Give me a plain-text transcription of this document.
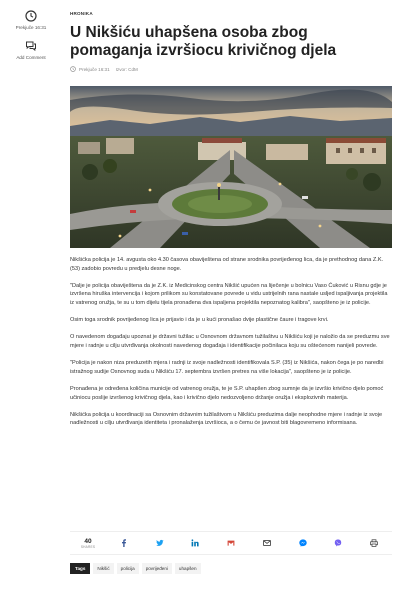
Prekjuče 16:31
Add Comment
HRONIKA
U Nikšiću uhapšena osoba zbog pomaganja izvršiocu krivičnog djela
Prekjuče 16:31 Izvor: CdM

Nikšićka policija je 14. avgusta oko 4.30 časova obaviještena od strane srodnika povrijeđenog lica, da je prethodnog dana Z.K. (53) zadobio povredu u predjelu desne noge.

"Dalje je policija obaviještena da je Z.K. iz Medicinskog centra Nikšić upućen na liječenje u bolnicu Vaso Ćuković u Risnu gdje je izvršena hiruška intervencija i kojom prilikom su konstatovane povrede u vidu ustrijelnih rana nastale usljed ispaljivanja projektila iz vatrenog oružja, te su u tom dijelu tijela pronađena dva ispaljena projektila nepoznatog kalibra", saopšteno je iz policije.

Osim toga srodnik povrijeđenog lica je prijavio i da je u kući pronašao dvije plastične čaure i tragove krvi.

O navedenom događaju upoznat je državni tužilac u Osnovnom državnom tužilaštvu u Nikšiću koji je naložio da se preduzmu sve mjere i radnje u cilju utvrđivanja okolnosti navedenog događaja i identifikacije počinilaca koju su oštećenom nanijeli povrede.

"Policija je nakon niza preduzetih mjera i radnji iz svoje nadležnosti identifikovala S.P. (35) iz Nikšića, nakon čega je po naredbi istražnog sudije Osnovnog suda u Nikšiću 17. septembra izvršen pretres na više lokacija", saopšteno je iz policije.

Pronađena je određena količina municije od vatrenog oružja, te je S.P. uhapšen zbog sumnje da je izvršio krivično djelo pomoć učiniocu poslije izvršenog krivičnog djela, kao i krivično djelo nedozvoljeno držanje oružja i eksplozivnih materija.

Nikšićka policija u koordinaciji sa Osnovnim državnim tužilaštvom u Nikšiću preduzima dalje neophodne mjere i radnje iz svoje nadležnosti u cilju utvrđivanja identiteta i pronalaženja izvršioca, a o čemu će javnost biti blagovremeno informisana.

40
SHARES
Tags	Nikšić	policija	povrijeđeni	uhapšen
